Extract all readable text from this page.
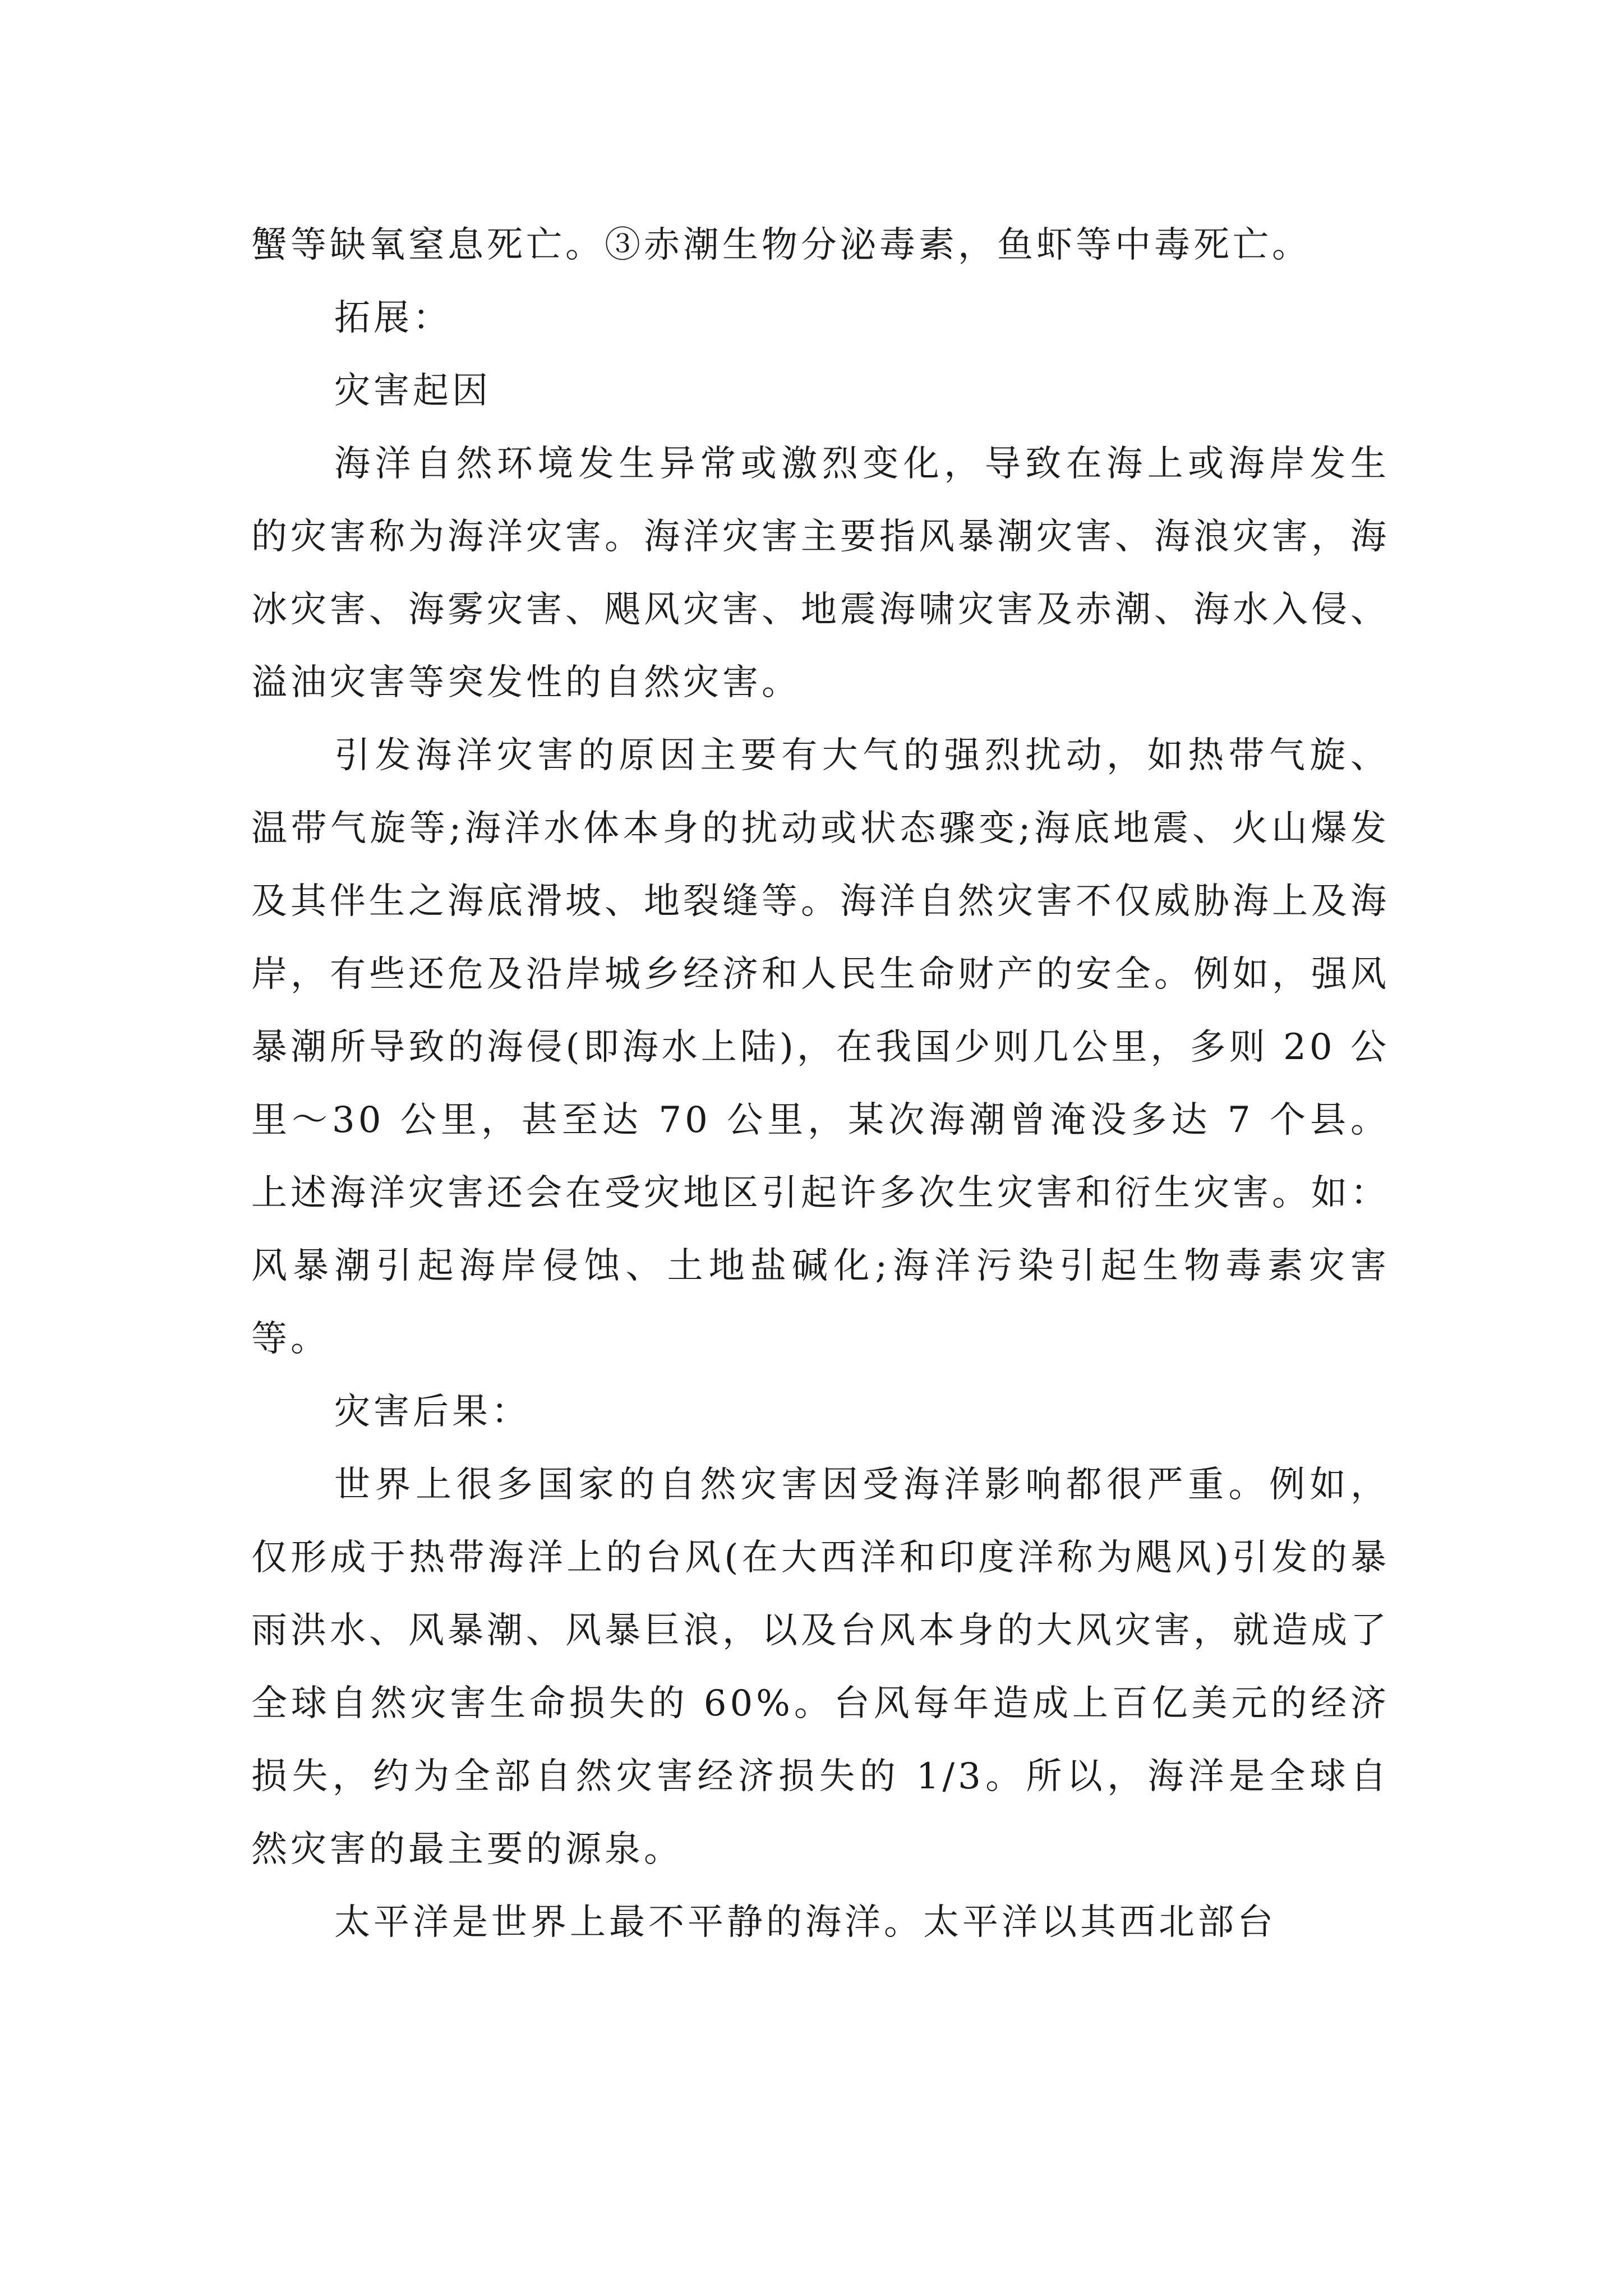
蟹等缺氧窒息死亡。③赤潮生物分泌毒素，鱼虾等中毒死亡。

拓展：

灾害起因

海洋自然环境发生异常或激烈变化，导致在海上或海岸发生的灾害称为海洋灾害。海洋灾害主要指风暴潮灾害、海浪灾害，海冰灾害、海雾灾害、飓风灾害、地震海啸灾害及赤潮、海水入侵、溢油灾害等突发性的自然灾害。

引发海洋灾害的原因主要有大气的强烈扰动，如热带气旋、温带气旋等;海洋水体本身的扰动或状态骤变;海底地震、火山爆发及其伴生之海底滑坡、地裂缝等。海洋自然灾害不仅威胁海上及海岸，有些还危及沿岸城乡经济和人民生命财产的安全。例如，强风暴潮所导致的海侵(即海水上陆)，在我国少则几公里，多则 20 公里～30 公里，甚至达 70 公里，某次海潮曾淹没多达 7 个县。上述海洋灾害还会在受灾地区引起许多次生灾害和衍生灾害。如：风暴潮引起海岸侵蚀、土地盐碱化;海洋污染引起生物毒素灾害等。

灾害后果：

世界上很多国家的自然灾害因受海洋影响都很严重。例如，仅形成于热带海洋上的台风(在大西洋和印度洋称为飓风)引发的暴雨洪水、风暴潮、风暴巨浪，以及台风本身的大风灾害，就造成了全球自然灾害生命损失的 60%。台风每年造成上百亿美元的经济损失，约为全部自然灾害经济损失的 1/3。所以，海洋是全球自然灾害的最主要的源泉。

太平洋是世界上最不平静的海洋。太平洋以其西北部台
